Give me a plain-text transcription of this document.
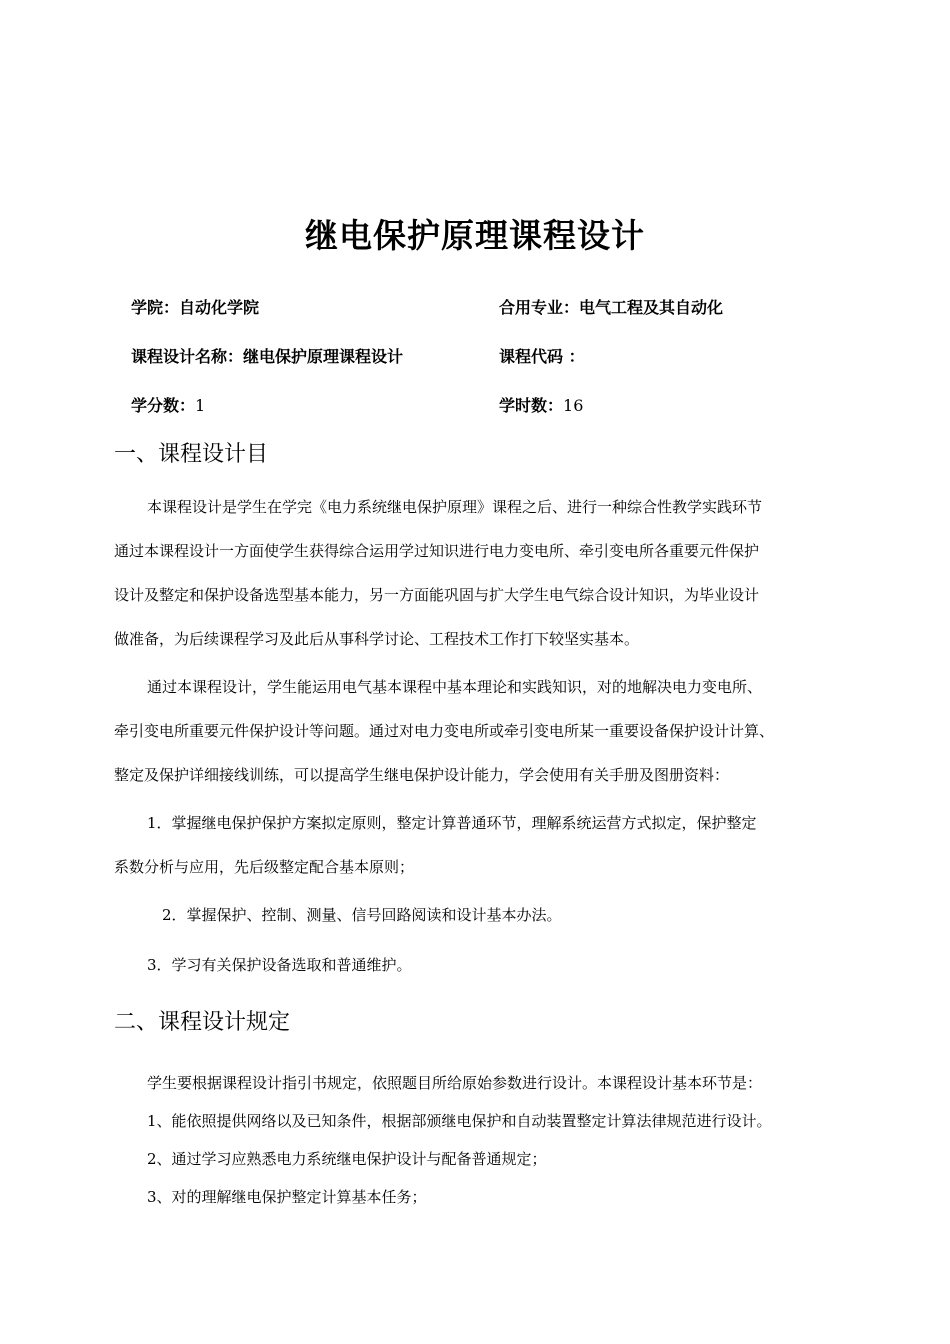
继电保护原理课程设计
学院：自动化学院	合用专业：电气工程及其自动化
课程设计名称：继电保护原理课程设计	课程代码 ：
学分数：1	学时数：16
一、课程设计目
本课程设计是学生在学完《电力系统继电保护原理》课程之后、进行一种综合性教学实践环节
通过本课程设计一方面使学生获得综合运用学过知识进行电力变电所、牵引变电所各重要元件保护
设计及整定和保护设备选型基本能力，另一方面能巩固与扩大学生电气综合设计知识，为毕业设计
做准备，为后续课程学习及此后从事科学讨论、工程技术工作打下较坚实基本。
通过本课程设计，学生能运用电气基本课程中基本理论和实践知识，对的地解决电力变电所、
牵引变电所重要元件保护设计等问题。通过对电力变电所或牵引变电所某一重要设备保护设计计算、
整定及保护详细接线训练，可以提高学生继电保护设计能力，学会使用有关手册及图册资料：
1．掌握继电保护保护方案拟定原则，整定计算普通环节，理解系统运营方式拟定，保护整定
系数分析与应用，先后级整定配合基本原则；
2．掌握保护、控制、测量、信号回路阅读和设计基本办法。
3．学习有关保护设备选取和普通维护。
二、课程设计规定
学生要根据课程设计指引书规定，依照题目所给原始参数进行设计。本课程设计基本环节是：
1、能依照提供网络以及已知条件，根据部颁继电保护和自动装置整定计算法律规范进行设计。
2、通过学习应熟悉电力系统继电保护设计与配备普通规定；
3、对的理解继电保护整定计算基本任务；
